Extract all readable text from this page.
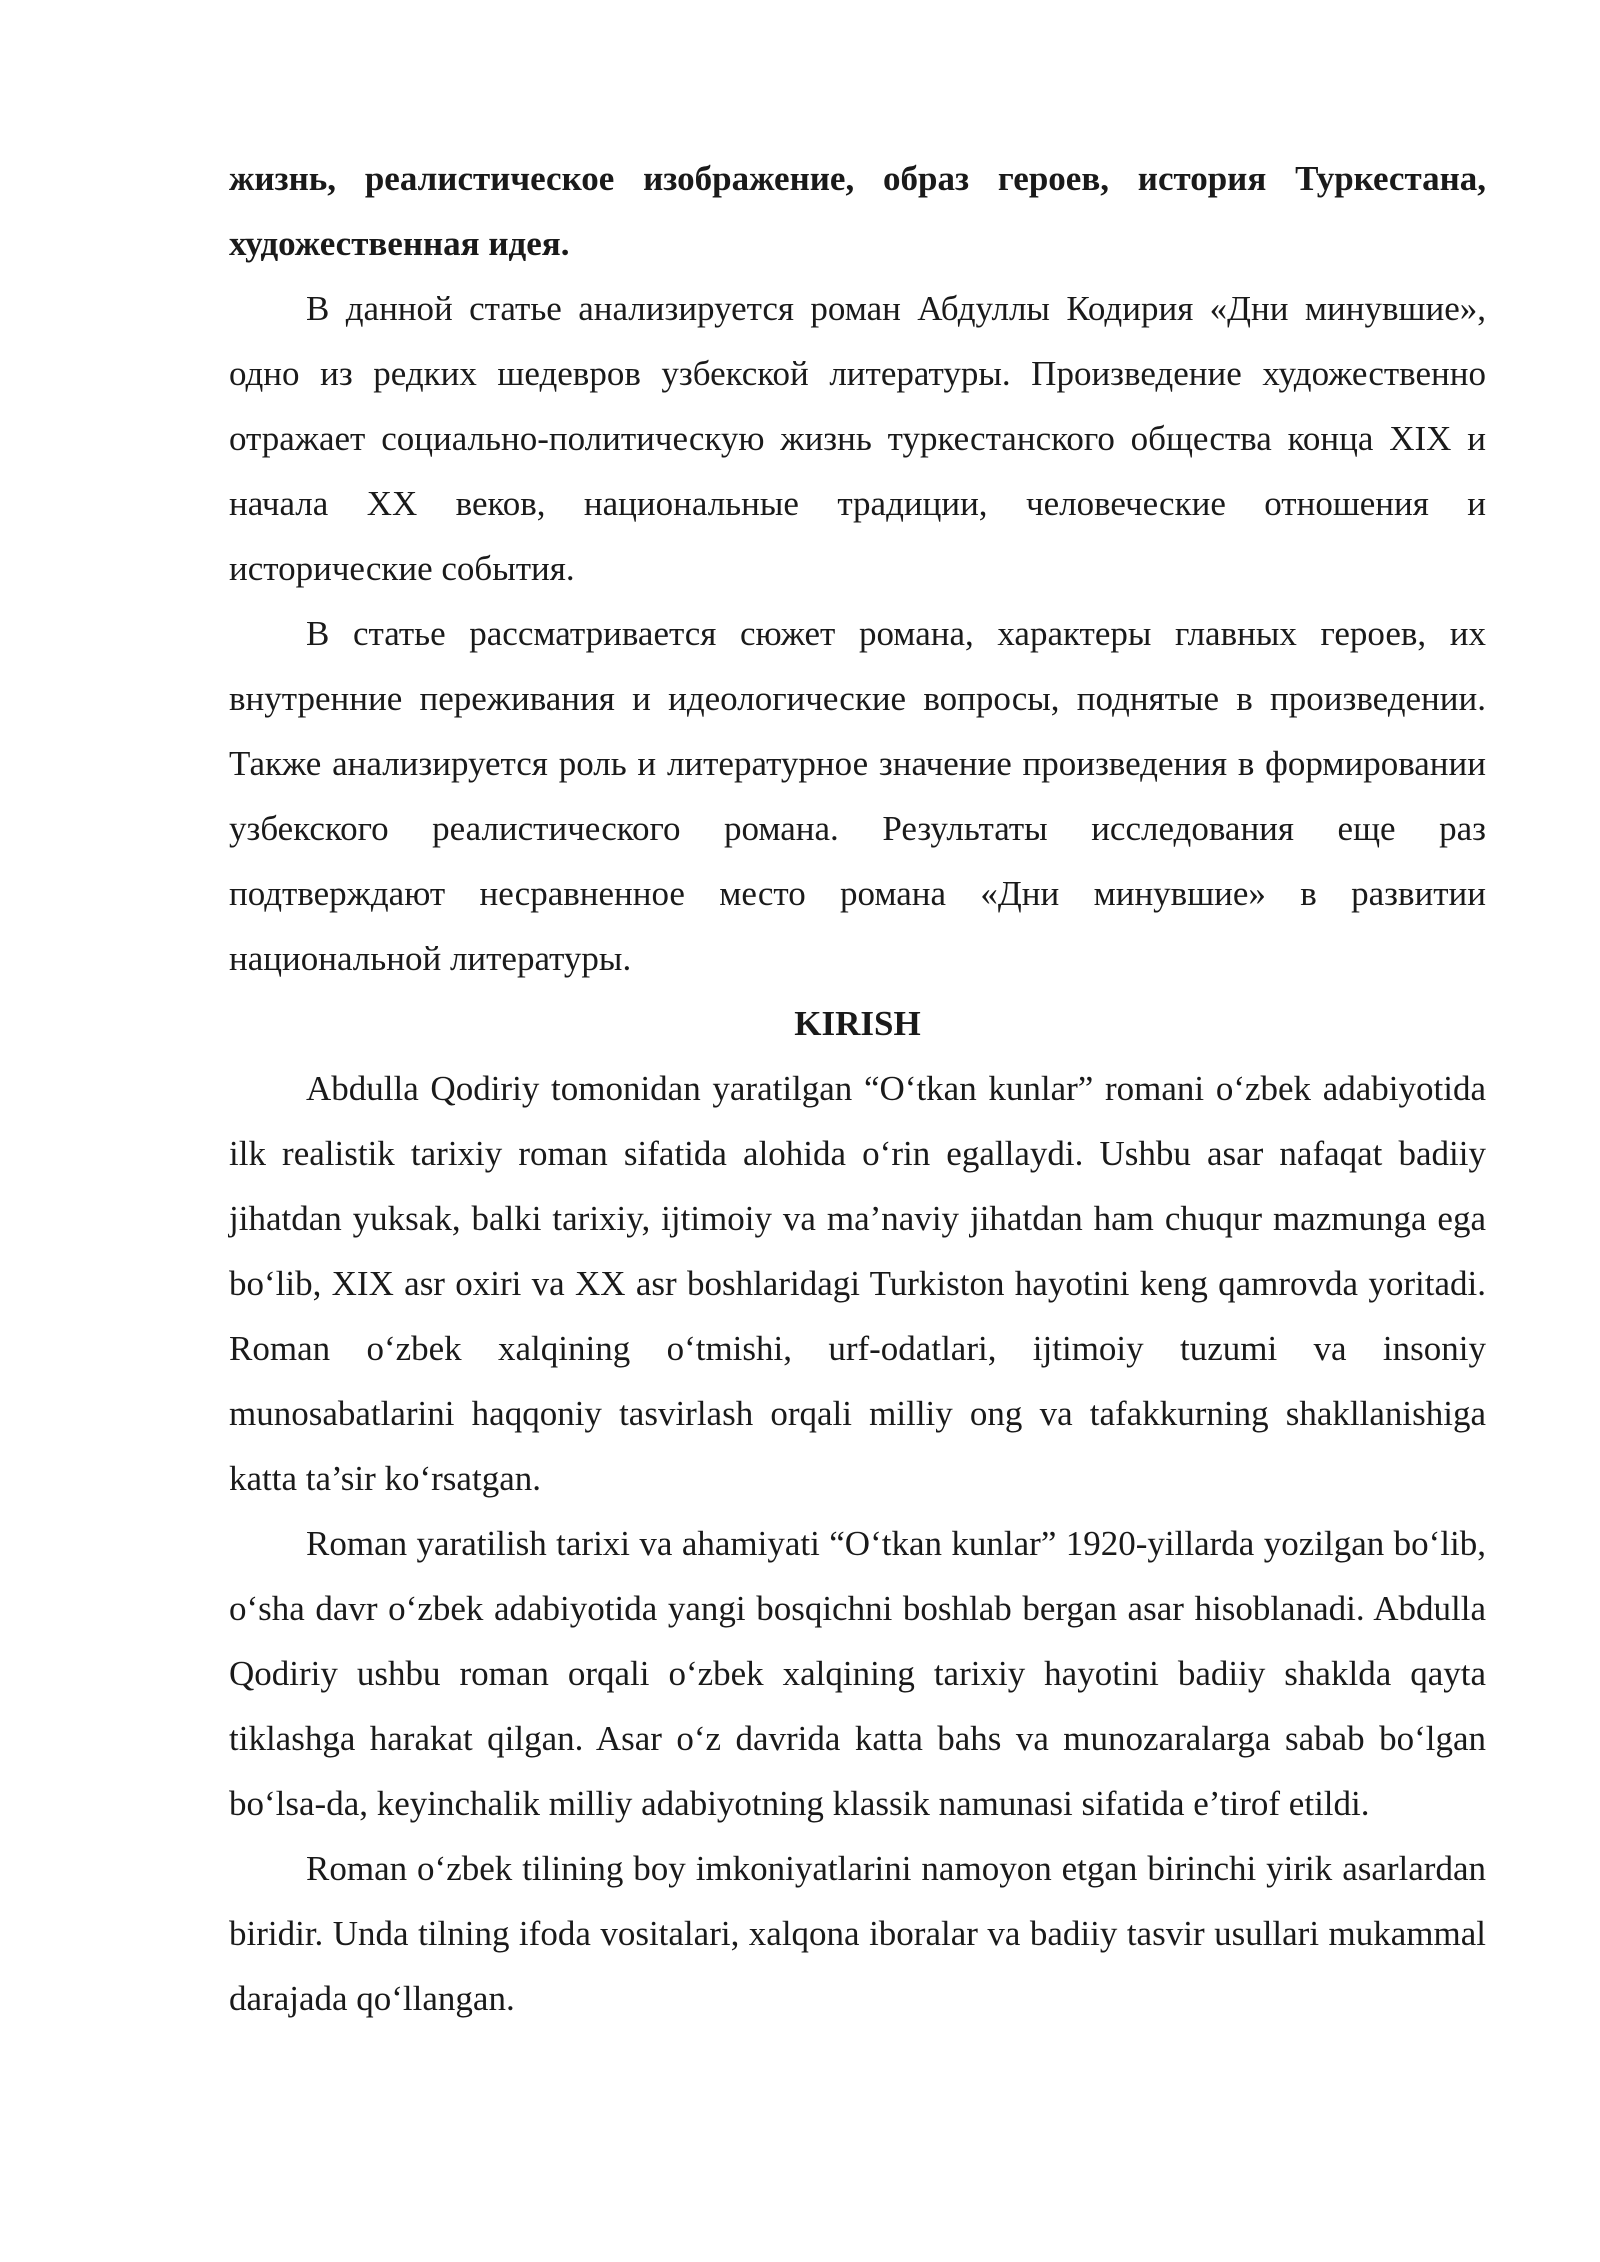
жизнь, реалистическое изображение, образ героев, история Туркестана, художественная идея.

В данной статье анализируется роман Абдуллы Кодирия «Дни минувшие», одно из редких шедевров узбекской литературы. Произведение художественно отражает социально-политическую жизнь туркестанского общества конца XIX и начала XX веков, национальные традиции, человеческие отношения и исторические события.

В статье рассматривается сюжет романа, характеры главных героев, их внутренние переживания и идеологические вопросы, поднятые в произведении. Также анализируется роль и литературное значение произведения в формировании узбекского реалистического романа. Результаты исследования еще раз подтверждают несравненное место романа «Дни минувшие» в развитии национальной литературы.

KIRISH

Abdulla Qodiriy tomonidan yaratilgan “O‘tkan kunlar” romani o‘zbek adabiyotida ilk realistik tarixiy roman sifatida alohida o‘rin egallaydi. Ushbu asar nafaqat badiiy jihatdan yuksak, balki tarixiy, ijtimoiy va ma’naviy jihatdan ham chuqur mazmunga ega bo‘lib, XIX asr oxiri va XX asr boshlaridagi Turkiston hayotini keng qamrovda yoritadi. Roman o‘zbek xalqining o‘tmishi, urf-odatlari, ijtimoiy tuzumi va insoniy munosabatlarini haqqoniy tasvirlash orqali milliy ong va tafakkurning shakllanishiga katta ta’sir ko‘rsatgan.

Roman yaratilish tarixi va ahamiyati “O‘tkan kunlar” 1920-yillarda yozilgan bo‘lib, o‘sha davr o‘zbek adabiyotida yangi bosqichni boshlab bergan asar hisoblanadi. Abdulla Qodiriy ushbu roman orqali o‘zbek xalqining tarixiy hayotini badiiy shaklda qayta tiklashga harakat qilgan. Asar o‘z davrida katta bahs va munozaralarga sabab bo‘lgan bo‘lsa-da, keyinchalik milliy adabiyotning klassik namunasi sifatida e’tirof etildi.

Roman o‘zbek tilining boy imkoniyatlarini namoyon etgan birinchi yirik asarlardan biridir. Unda tilning ifoda vositalari, xalqona iboralar va badiiy tasvir usullari mukammal darajada qo‘llangan.
